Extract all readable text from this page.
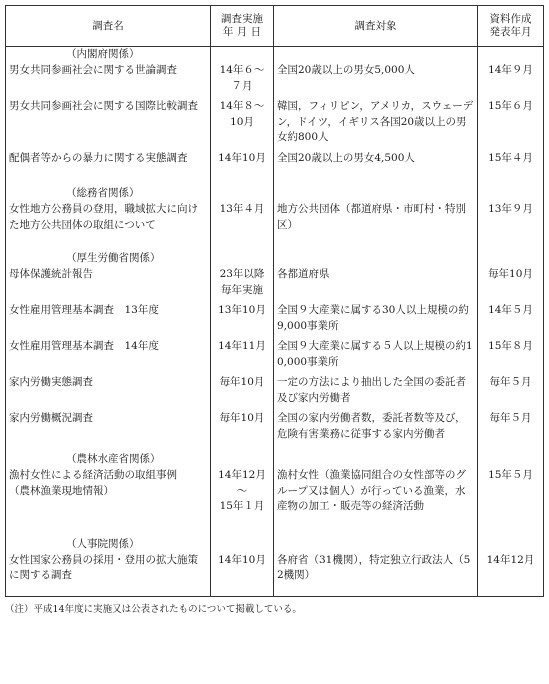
調査名	調査実施
年 月 日	調査対象	資料作成
発表年月
（内閣府関係）			
男女共同参画社会に関する世論調査	14年６～
７月	全国20歳以上の男女5,000人	14年９月

男女共同参画社会に関する国際比較調査	14年８～
10月	韓国，フィリピン，アメリカ，スウェーデン，ドイツ，イギリス各国20歳以上の男女約800人	15年６月

配偶者等からの暴力に関する実態調査	14年10月	全国20歳以上の男女4,500人	15年４月

（総務省関係）			
女性地方公務員の登用，職域拡大に向けた地方公共団体の取組について	13年４月	地方公共団体（都道府県・市町村・特別区）	13年９月

（厚生労働省関係）			
母体保護統計報告	23年以降
毎年実施	各都道府県	毎年10月

女性雇用管理基本調査　13年度	13年10月	全国９大産業に属する30人以上規模の約9,000事業所	14年５月

女性雇用管理基本調査　14年度	14年11月	全国９大産業に属する５人以上規模の約10,000事業所	15年８月

家内労働実態調査	毎年10月	一定の方法により抽出した全国の委託者及び家内労働者	毎年５月

家内労働概況調査	毎年10月	全国の家内労働者数，委託者数等及び，危険有害業務に従事する家内労働者	毎年５月

（農林水産省関係）			
漁村女性による経済活動の取組事例
（農林漁業現地情報）	14年12月～
15年１月	漁村女性（漁業協同組合の女性部等のグループ又は個人）が行っている漁業，水産物の加工・販売等の経済活動	15年５月

（人事院関係）			
女性国家公務員の採用・登用の拡大施策に関する調査	14年10月	各府省（31機関），特定独立行政法人（52機関）	14年12月

（注）平成14年度に実施又は公表されたものについて掲載している。
